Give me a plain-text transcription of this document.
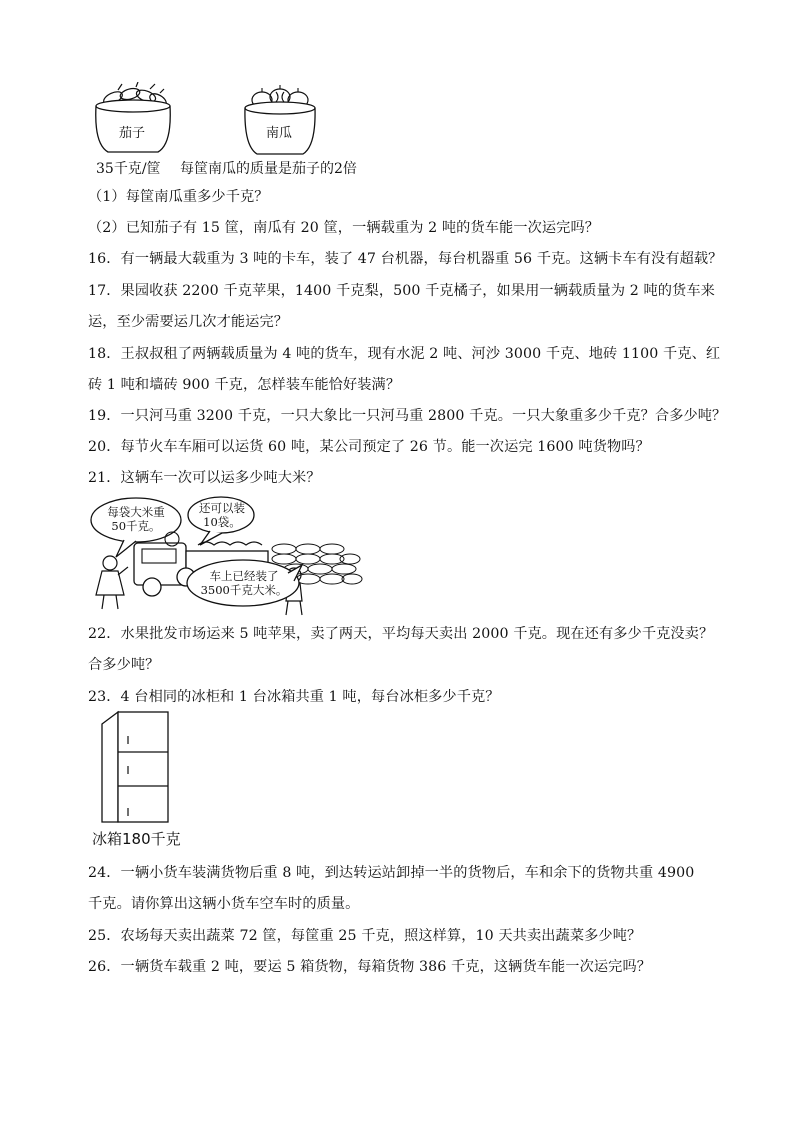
茄子	南瓜
35千克/筐 每筐南瓜的质量是茄子的2倍
（1）每筐南瓜重多少千克？
（2）已知茄子有 15 筐，南瓜有 20 筐，一辆载重为 2 吨的货车能一次运完吗？
16．有一辆最大载重为 3 吨的卡车，装了 47 台机器，每台机器重 56 千克。这辆卡车有没有超载？
17．果园收获 2200 千克苹果，1400 千克梨，500 千克橘子，如果用一辆载质量为 2 吨的货车来
运，至少需要运几次才能运完？
18．王叔叔租了两辆载质量为 4 吨的货车，现有水泥 2 吨、河沙 3000 千克、地砖 1100 千克、红
砖 1 吨和墙砖 900 千克，怎样装车能恰好装满？
19．一只河马重 3200 千克，一只大象比一只河马重 2800 千克。一只大象重多少千克？合多少吨？
20．每节火车车厢可以运货 60 吨，某公司预定了 26 节。能一次运完 1600 吨货物吗？
21．这辆车一次可以运多少吨大米？
每袋大米重
50千克。
还可以装
10袋。
车上已经装了
3500千克大米。
22．水果批发市场运来 5 吨苹果，卖了两天，平均每天卖出 2000 千克。现在还有多少千克没卖？
合多少吨？
23．4 台相同的冰柜和 1 台冰箱共重 1 吨，每台冰柜多少千克？
冰箱180千克
24．一辆小货车装满货物后重 8 吨，到达转运站卸掉一半的货物后，车和余下的货物共重 4900
千克。请你算出这辆小货车空车时的质量。
25．农场每天卖出蔬菜 72 筐，每筐重 25 千克，照这样算，10 天共卖出蔬菜多少吨？
26．一辆货车载重 2 吨，要运 5 箱货物，每箱货物 386 千克，这辆货车能一次运完吗？
